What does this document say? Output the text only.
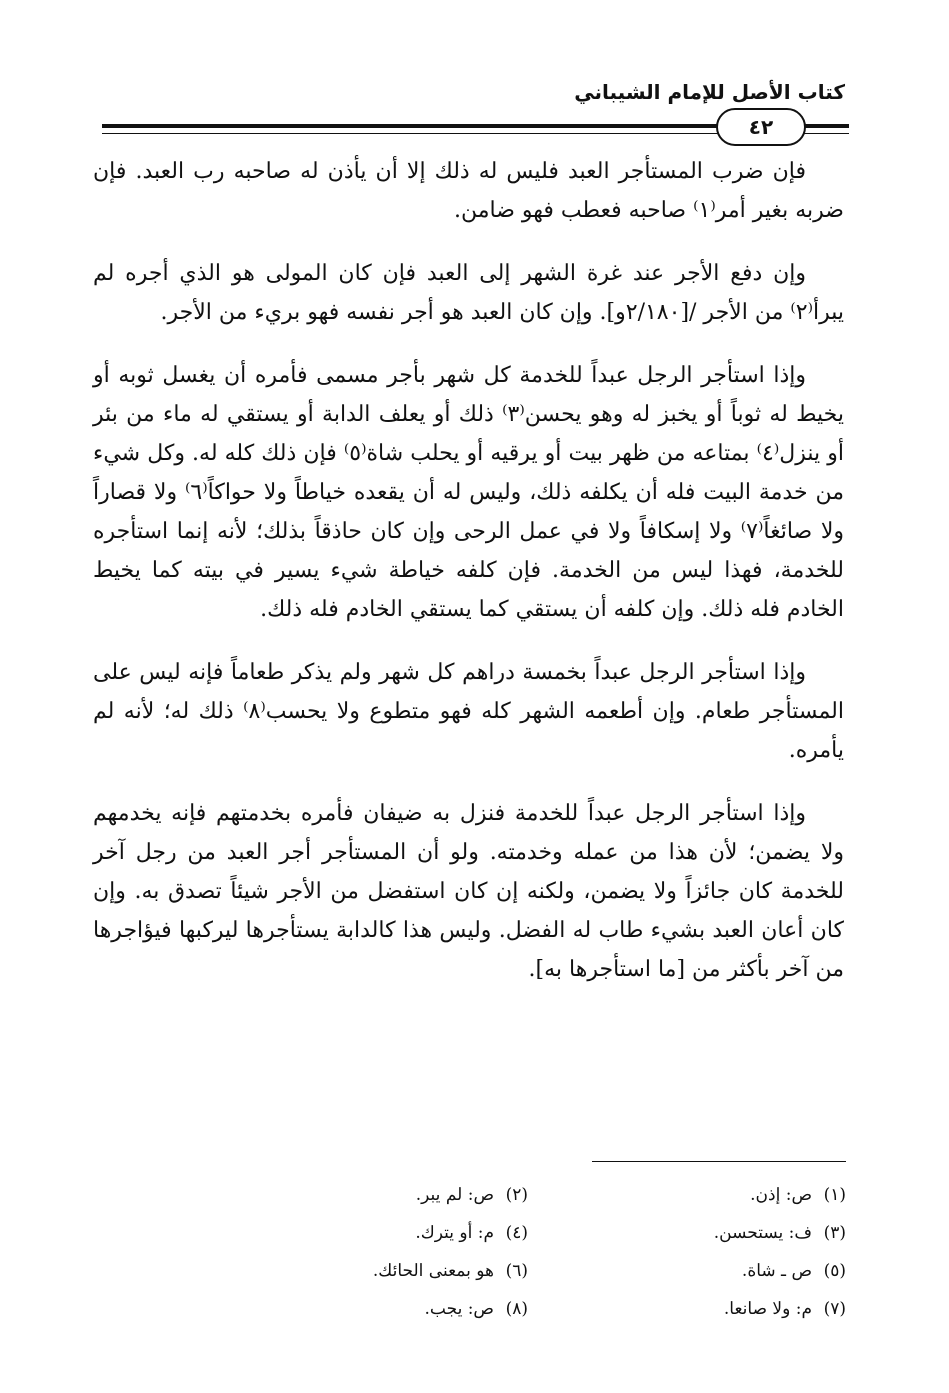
كتاب الأصل للإمام الشيباني
٤٢

فإن ضرب المستأجر العبد فليس له ذلك إلا أن يأذن له صاحبه رب العبد. فإن ضربه بغير أمر⁽١⁾ صاحبه فعطب فهو ضامن.

وإن دفع الأجر عند غرة الشهر إلى العبد فإن كان المولى هو الذي أجره لم يبرأ⁽٢⁾ من الأجر /[٢/١٨٠و]. وإن كان العبد هو أجر نفسه فهو بريء من الأجر.

وإذا استأجر الرجل عبداً للخدمة كل شهر بأجر مسمى فأمره أن يغسل ثوبه أو يخيط له ثوباً أو يخبز له وهو يحسن⁽٣⁾ ذلك أو يعلف الدابة أو يستقي له ماء من بئر أو ينزل⁽٤⁾ بمتاعه من ظهر بيت أو يرقيه أو يحلب شاة⁽٥⁾ فإن ذلك كله له. وكل شيء من خدمة البيت فله أن يكلفه ذلك، وليس له أن يقعده خياطاً ولا حواكاً⁽٦⁾ ولا قصاراً ولا صائغاً⁽٧⁾ ولا إسكافاً ولا في عمل الرحى وإن كان حاذقاً بذلك؛ لأنه إنما استأجره للخدمة، فهذا ليس من الخدمة. فإن كلفه خياطة شيء يسير في بيته كما يخيط الخادم فله ذلك. وإن كلفه أن يستقي كما يستقي الخادم فله ذلك.

وإذا استأجر الرجل عبداً بخمسة دراهم كل شهر ولم يذكر طعاماً فإنه ليس على المستأجر طعام. وإن أطعمه الشهر كله فهو متطوع ولا يحسب⁽٨⁾ ذلك له؛ لأنه لم يأمره.

وإذا استأجر الرجل عبداً للخدمة فنزل به ضيفان فأمره بخدمتهم فإنه يخدمهم ولا يضمن؛ لأن هذا من عمله وخدمته. ولو أن المستأجر أجر العبد من رجل آخر للخدمة كان جائزاً ولا يضمن، ولكنه إن كان استفضل من الأجر شيئاً تصدق به. وإن كان أعان العبد بشيء طاب له الفضل. وليس هذا كالدابة يستأجرها ليركبها فيؤاجرها من آخر بأكثر من [ما استأجرها به].

(١)ص: إذن.
(٢)ص: لم يبر.
(٣)ف: يستحسن.
(٤)م: أو يترك.
(٥)ص ـ شاة.
(٦)هو بمعنى الحائك.
(٧)م: ولا صانعا.
(٨)ص: يجب.
